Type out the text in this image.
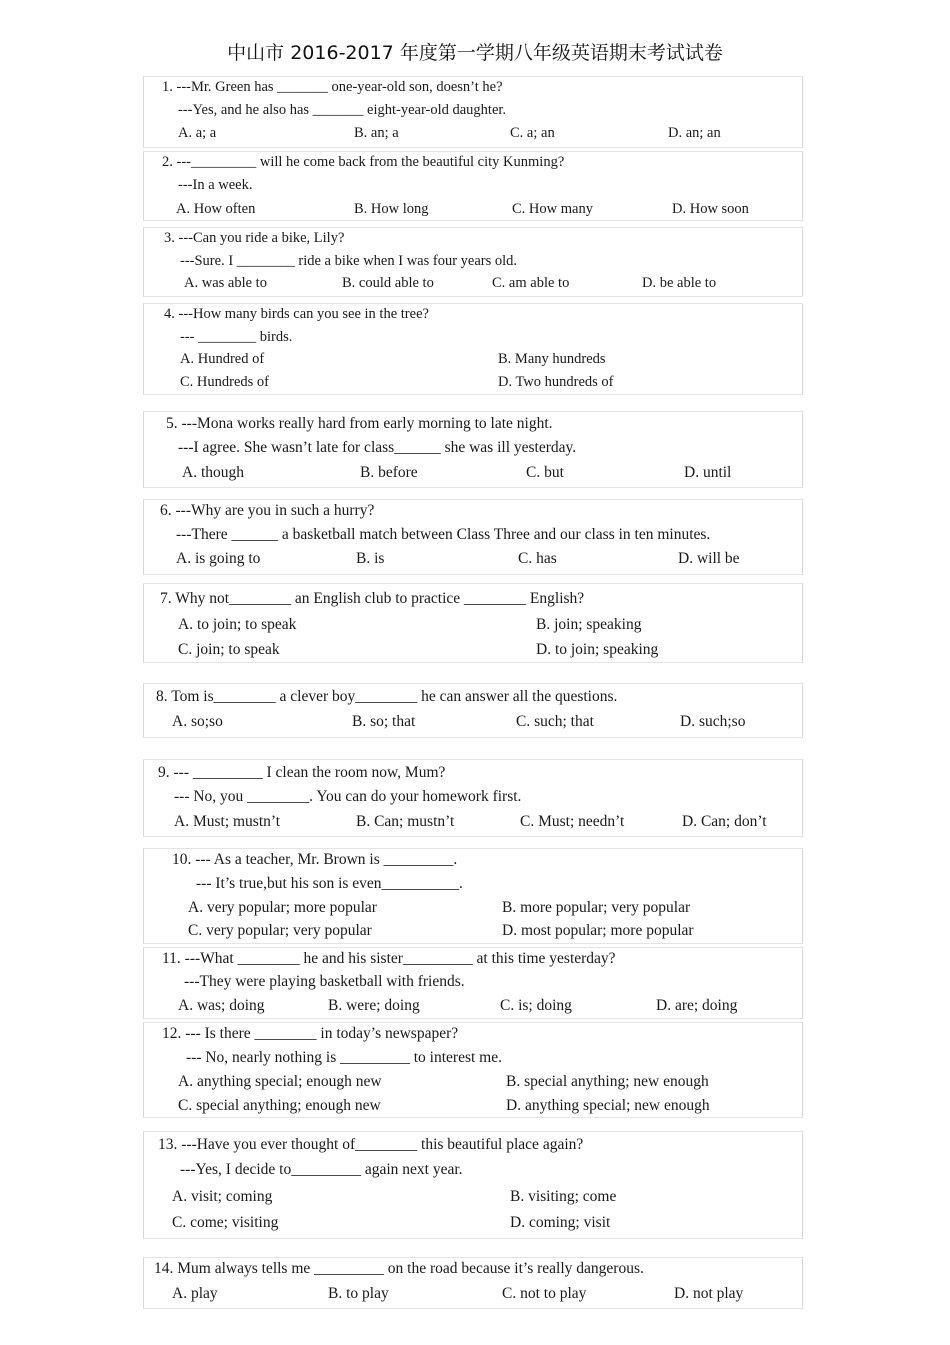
中山市 2016-2017 年度第一学期八年级英语期末考试试卷
1. ---Mr. Green has _______ one-year-old son, doesn’t he?
---Yes, and he also has _______ eight-year-old daughter.
A. a; a	B. an; a	C. a; an	D. an; an
2. ---_________ will he come back from the beautiful city Kunming?
---In a week.
A. How often	B. How long	C. How many	D. How soon
3. ---Can you ride a bike, Lily?
---Sure. I ________ ride a bike when I was four years old.
A. was able to	B. could able to	C. am able to	D. be able to
4. ---How many birds can you see in the tree?
--- ________ birds.
A. Hundred of	B. Many hundreds
C. Hundreds of	D. Two hundreds of
5. ---Mona works really hard from early morning to late night.
---I agree. She wasn’t late for class______ she was ill yesterday.
A. though	B. before	C. but	D. until
6. ---Why are you in such a hurry?
---There ______ a basketball match between Class Three and our class in ten minutes.
A. is going to	B. is	C. has	D. will be
7. Why not________ an English club to practice ________ English?
A. to join; to speak	B. join; speaking
C. join; to speak	D. to join; speaking
8. Tom is________ a clever boy________ he can answer all the questions.
A. so;so	B. so; that	C. such; that	D. such;so
9. --- _________ I clean the room now, Mum?
--- No, you ________. You can do your homework first.
A. Must; mustn’t	B. Can; mustn’t	C. Must; needn’t	D. Can; don’t
10. --- As a teacher, Mr. Brown is _________.
--- It’s true,but his son is even__________.
A. very popular; more popular	B. more popular; very popular
C. very popular; very popular	D. most popular; more popular
11. ---What ________ he and his sister_________ at this time yesterday?
---They were playing basketball with friends.
A. was; doing	B. were; doing	C. is; doing	D. are; doing
12. --- Is there ________ in today’s newspaper?
--- No, nearly nothing is _________ to interest me.
A. anything special; enough new	B. special anything; new enough
C. special anything; enough new	D. anything special; new enough
13. ---Have you ever thought of________ this beautiful place again?
---Yes, I decide to_________ again next year.
A. visit; coming	B. visiting; come
C. come; visiting	D. coming; visit
14. Mum always tells me _________ on the road because it’s really dangerous.
A. play	B. to play	C. not to play	D. not play
